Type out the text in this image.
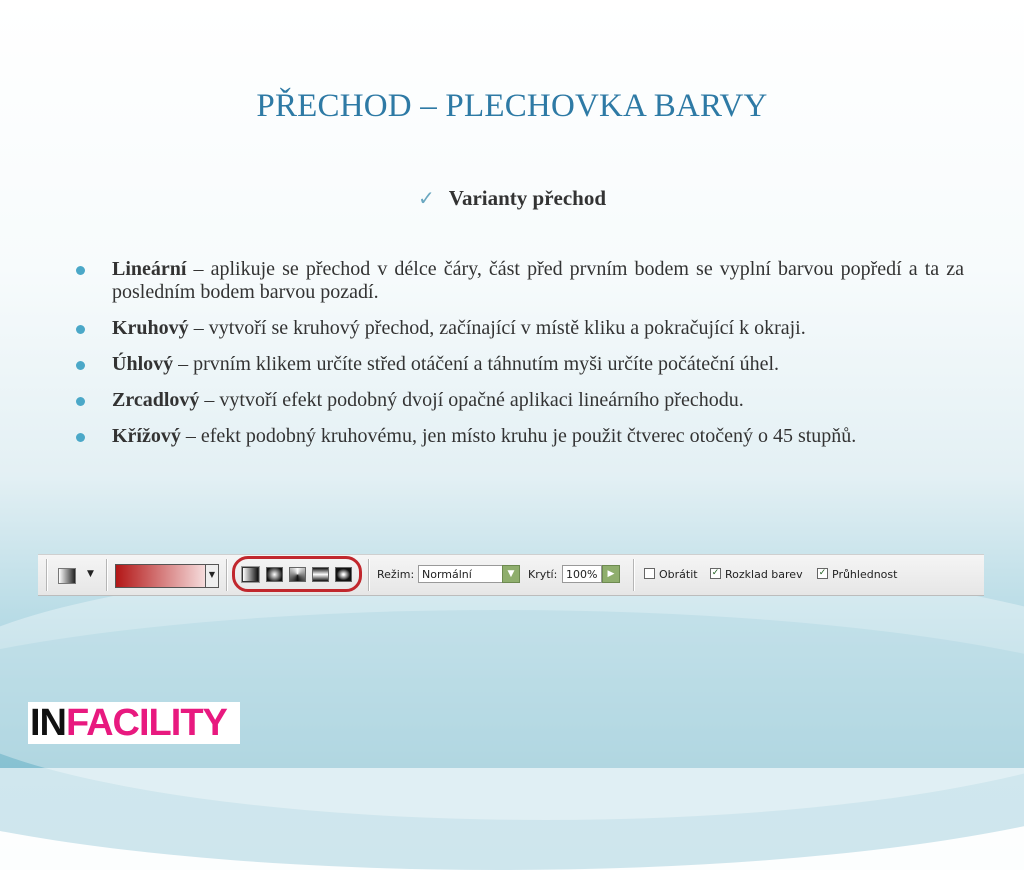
PŘECHOD – PLECHOVKA BARVY
✓ Varianty přechod
Lineární – aplikuje se přechod v délce čáry, část před prvním bodem se vyplní barvou popředí a ta za posledním bodem barvou pozadí.
Kruhový – vytvoří se kruhový přechod, začínající v místě kliku a pokračující k okraji.
Úhlový – prvním klikem určíte střed otáčení a táhnutím myši určíte počáteční úhel.
Zrcadlový – vytvoří efekt podobný dvojí opačné aplikaci lineárního přechodu.
Křížový – efekt podobný kruhovému, jen místo kruhu je použit čtverec otočený o 45 stupňů.
▼	▼	Režim: Normální	▼	Krytí: 100%	▶	Obrátit ✓ Rozklad barev ✓ Průhlednost
INFACILITY
